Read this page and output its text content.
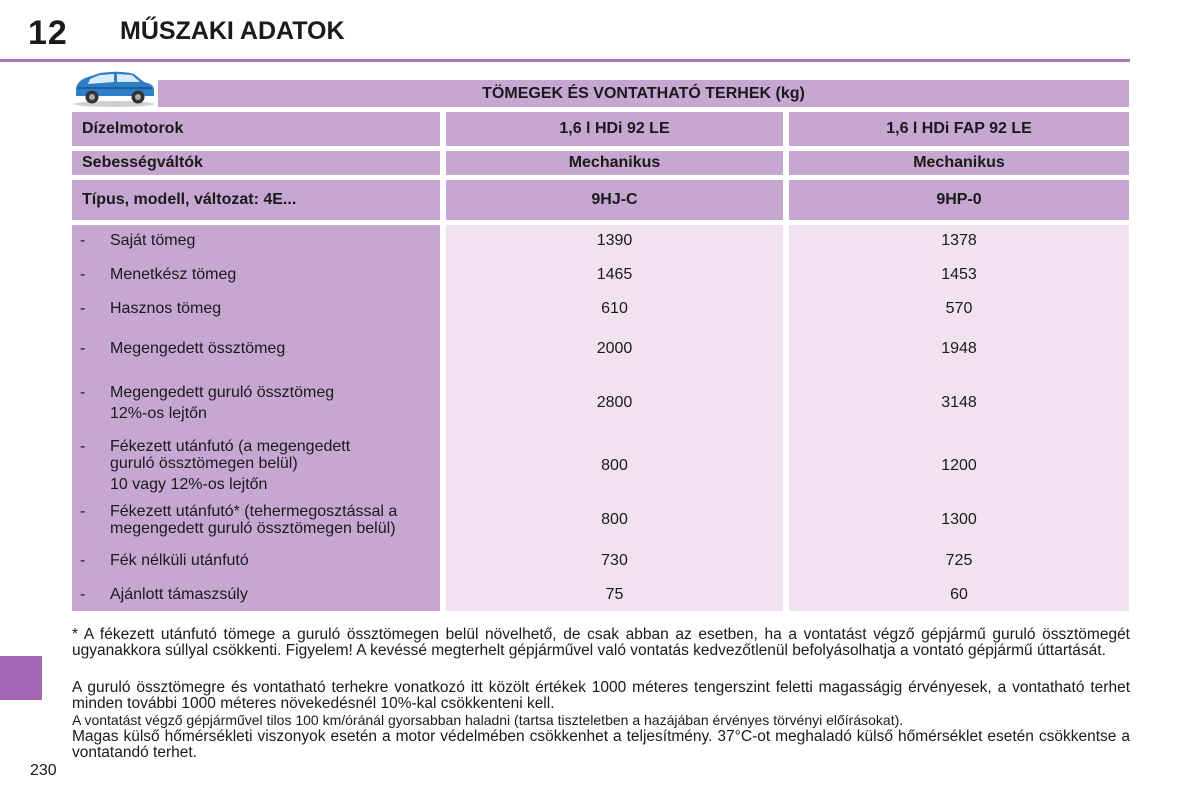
12 MŰSZAKI ADATOK
TÖMEGEK ÉS VONTATHATÓ TERHEK (kg)
Dízelmotorok	1,6 l HDi 92 LE	1,6 l HDi FAP 92 LE
Sebességváltók	Mechanikus	Mechanikus
Típus, modell, változat: 4E...	9HJ-C	9HP-0
- Saját tömeg	1390	1378
- Menetkész tömeg	1465	1453
- Hasznos tömeg	610	570
- Megengedett össztömeg	2000	1948
- Megengedett guruló össztömeg
12%-os lejtőn
2800	3148
- Fékezett utánfutó (a megengedett
guruló össztömegen belül)
10 vagy 12%-os lejtőn
800	1200
- Fékezett utánfutó* (tehermegosztással a
megengedett guruló össztömegen belül)
800	1300
- Fék nélküli utánfutó	730	725
- Ajánlott támaszsúly	75	60

* A fékezett utánfutó tömege a guruló össztömegen belül növelhető, de csak abban az esetben, ha a vontatást végző gépjármű guruló össztömegét ugyanakkora súllyal csökkenti. Figyelem! A kevéssé megterhelt gépjárművel való vontatás kedvezőtlenül befolyásolhatja a vontató gépjármű úttartását.

A guruló össztömegre és vontatható terhekre vonatkozó itt közölt értékek 1000 méteres tengerszint feletti magasságig érvényesek, a vontatható terhet minden további 1000 méteres növekedésnél 10%-kal csökkenteni kell.

A vontatást végző gépjárművel tilos 100 km/óránál gyorsabban haladni (tartsa tiszteletben a hazájában érvényes törvényi előírásokat).

Magas külső hőmérsékleti viszonyok esetén a motor védelmében csökkenhet a teljesítmény. 37°C-ot meghaladó külső hőmérséklet esetén csökkentse a vontatandó terhet.

230
